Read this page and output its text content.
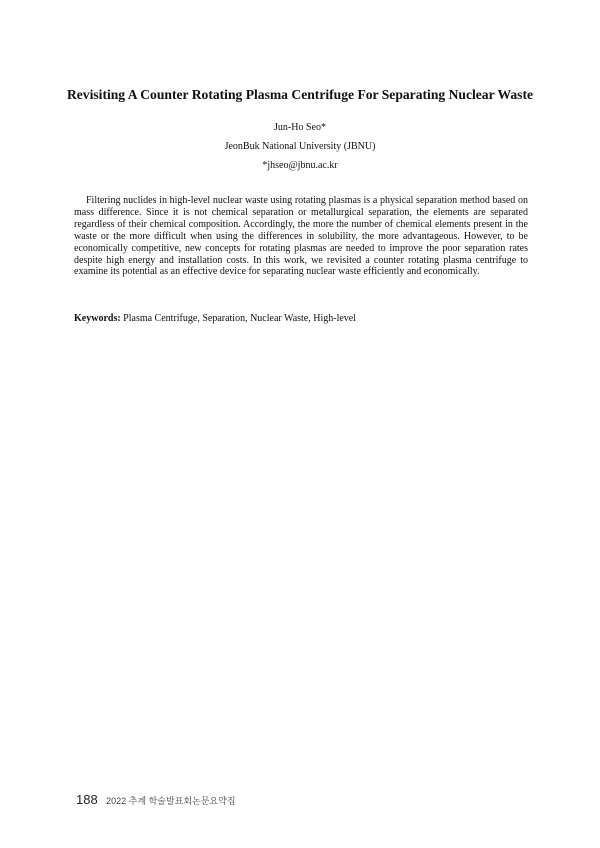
Revisiting A Counter Rotating Plasma Centrifuge For Separating Nuclear Waste
Jun-Ho Seo*
JeonBuk National University (JBNU)
*jhseo@jbnu.ac.kr

Filtering nuclides in high-level nuclear waste using rotating plasmas is a physical separation method based on mass difference. Since it is not chemical separation or metallurgical separation, the elements are separated regardless of their chemical composition. Accordingly, the more the number of chemical elements present in the waste or the more difficult when using the differences in solubility, the more advantageous. However, to be economically competitive, new concepts for rotating plasmas are needed to improve the poor separation rates despite high energy and installation costs. In this work, we revisited a counter rotating plasma centrifuge to examine its potential as an effective device for separating nuclear waste efficiently and economically.

Keywords: Plasma Centrifuge, Separation, Nuclear Waste, High-level

188 2022 추계 학술발표회논문요약집
